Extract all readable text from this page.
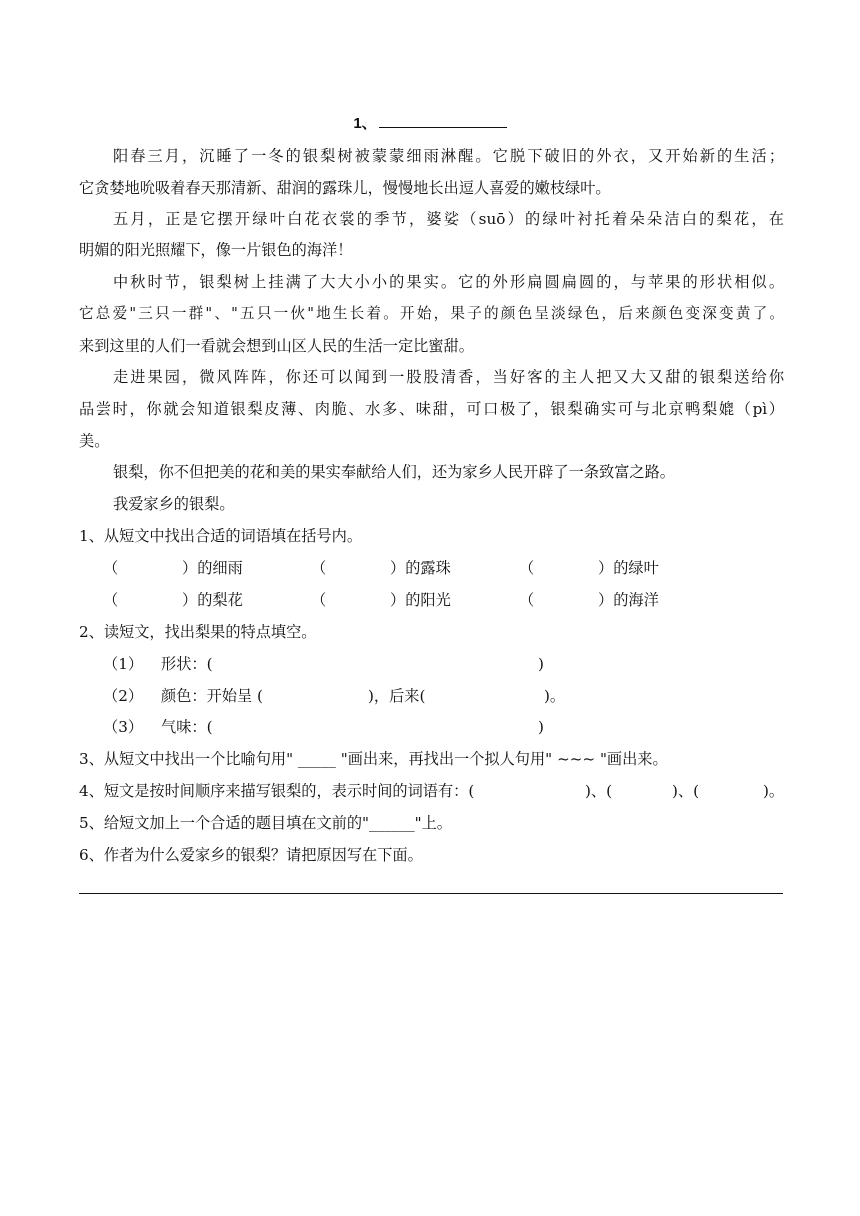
1、
阳春三月，沉睡了一冬的银梨树被蒙蒙细雨淋醒。它脱下破旧的外衣，又开始新的生活；
它贪婪地吮吸着春天那清新、甜润的露珠儿，慢慢地长出逗人喜爱的嫩枝绿叶。
五月，正是它摆开绿叶白花衣裳的季节，婆娑（suō）的绿叶衬托着朵朵洁白的梨花，在
明媚的阳光照耀下，像一片银色的海洋！
中秋时节，银梨树上挂满了大大小小的果实。它的外形扁圆扁圆的，与苹果的形状相似。
它总爱"三只一群"、"五只一伙"地生长着。开始，果子的颜色呈淡绿色，后来颜色变深变黄了。
来到这里的人们一看就会想到山区人民的生活一定比蜜甜。
走进果园，微风阵阵，你还可以闻到一股股清香，当好客的主人把又大又甜的银梨送给你
品尝时，你就会知道银梨皮薄、肉脆、水多、味甜，可口极了，银梨确实可与北京鸭梨媲（pì）
美。
银梨，你不但把美的花和美的果实奉献给人们，还为家乡人民开辟了一条致富之路。
我爱家乡的银梨。
1、从短文中找出合适的词语填在括号内。
（	）的细雨	（	）的露珠	（	）的绿叶
（	）的梨花	（	）的阳光	（	）的海洋
2、读短文，找出梨果的特点填空。
（1） 形状：(	)
（2） 颜色：开始呈 (	)，后来(	)。
（3） 气味：(	)
3、从短文中找出一个比喻句用" _____ "画出来，再找出一个拟人句用" ~~~ "画出来。
4、短文是按时间顺序来描写银梨的，表示时间的词语有：(	)、(	)、(	)。
5、给短文加上一个合适的题目填在文前的"______"上。
6、作者为什么爱家乡的银梨？请把原因写在下面。
